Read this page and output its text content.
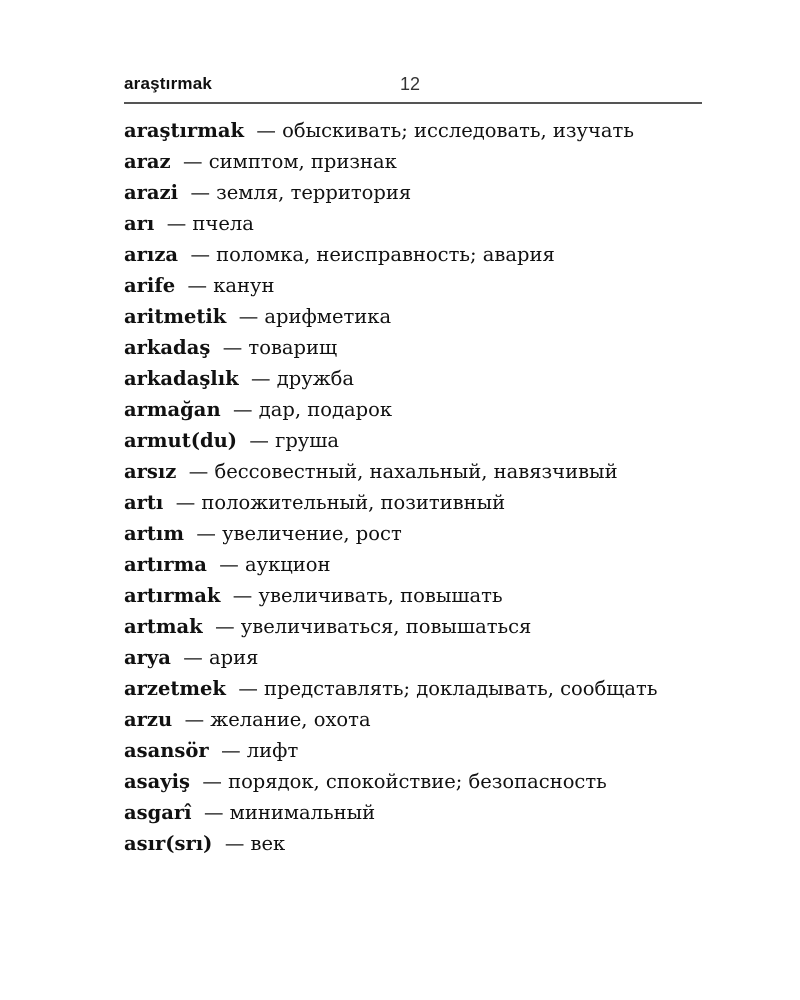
araştırmak	12
araştırmak — обыскивать; исследовать, изучать
araz — симптом, признак
arazi — земля, территория
arı — пчела
arıza — поломка, неисправность; авария
arife — канун
aritmetik — арифметика
arkadaş — товарищ
arkadaşlık — дружба
armağan — дар, подарок
armut(du) — груша
arsız — бессовестный, нахальный, навязчивый
artı — положительный, позитивный
artım — увеличение, рост
artırma — аукцион
artırmak — увеличивать, повышать
artmak — увеличиваться, повышаться
arya — ария
arzetmek — представлять; докладывать, сообщать
arzu — желание, охота
asansör — лифт
asayiş — порядок, спокойствие; безопасность
asgarî — минимальный
asır(srı) — век
